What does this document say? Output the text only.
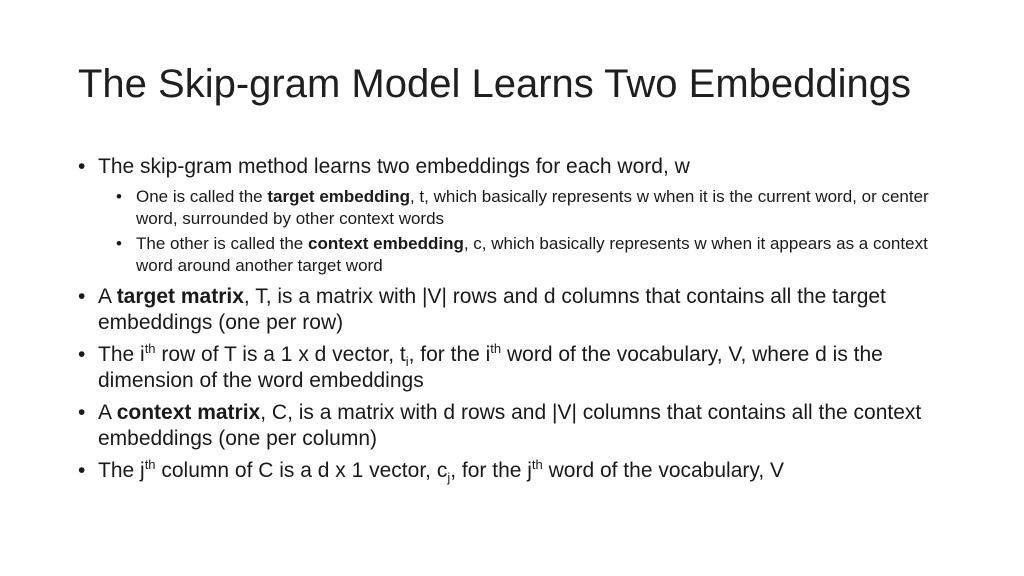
The Skip-gram Model Learns Two Embeddings
• The skip-gram method learns two embeddings for each word, w
• One is called the target embedding, t, which basically represents w when it is the current word, or center word, surrounded by other context words
• The other is called the context embedding, c, which basically represents w when it appears as a context word around another target word
• A target matrix, T, is a matrix with |V| rows and d columns that contains all the target embeddings (one per row)
• The $i^{th}$ row of T is a 1 x d vector, $t_i$, for the $i^{th}$ word of the vocabulary, V, where d is the dimension of the word embeddings
• A context matrix, C, is a matrix with d rows and |V| columns that contains all the context embeddings (one per column)
• The $j^{th}$ column of C is a d x 1 vector, $c_j$, for the $j^{th}$ word of the vocabulary, V
